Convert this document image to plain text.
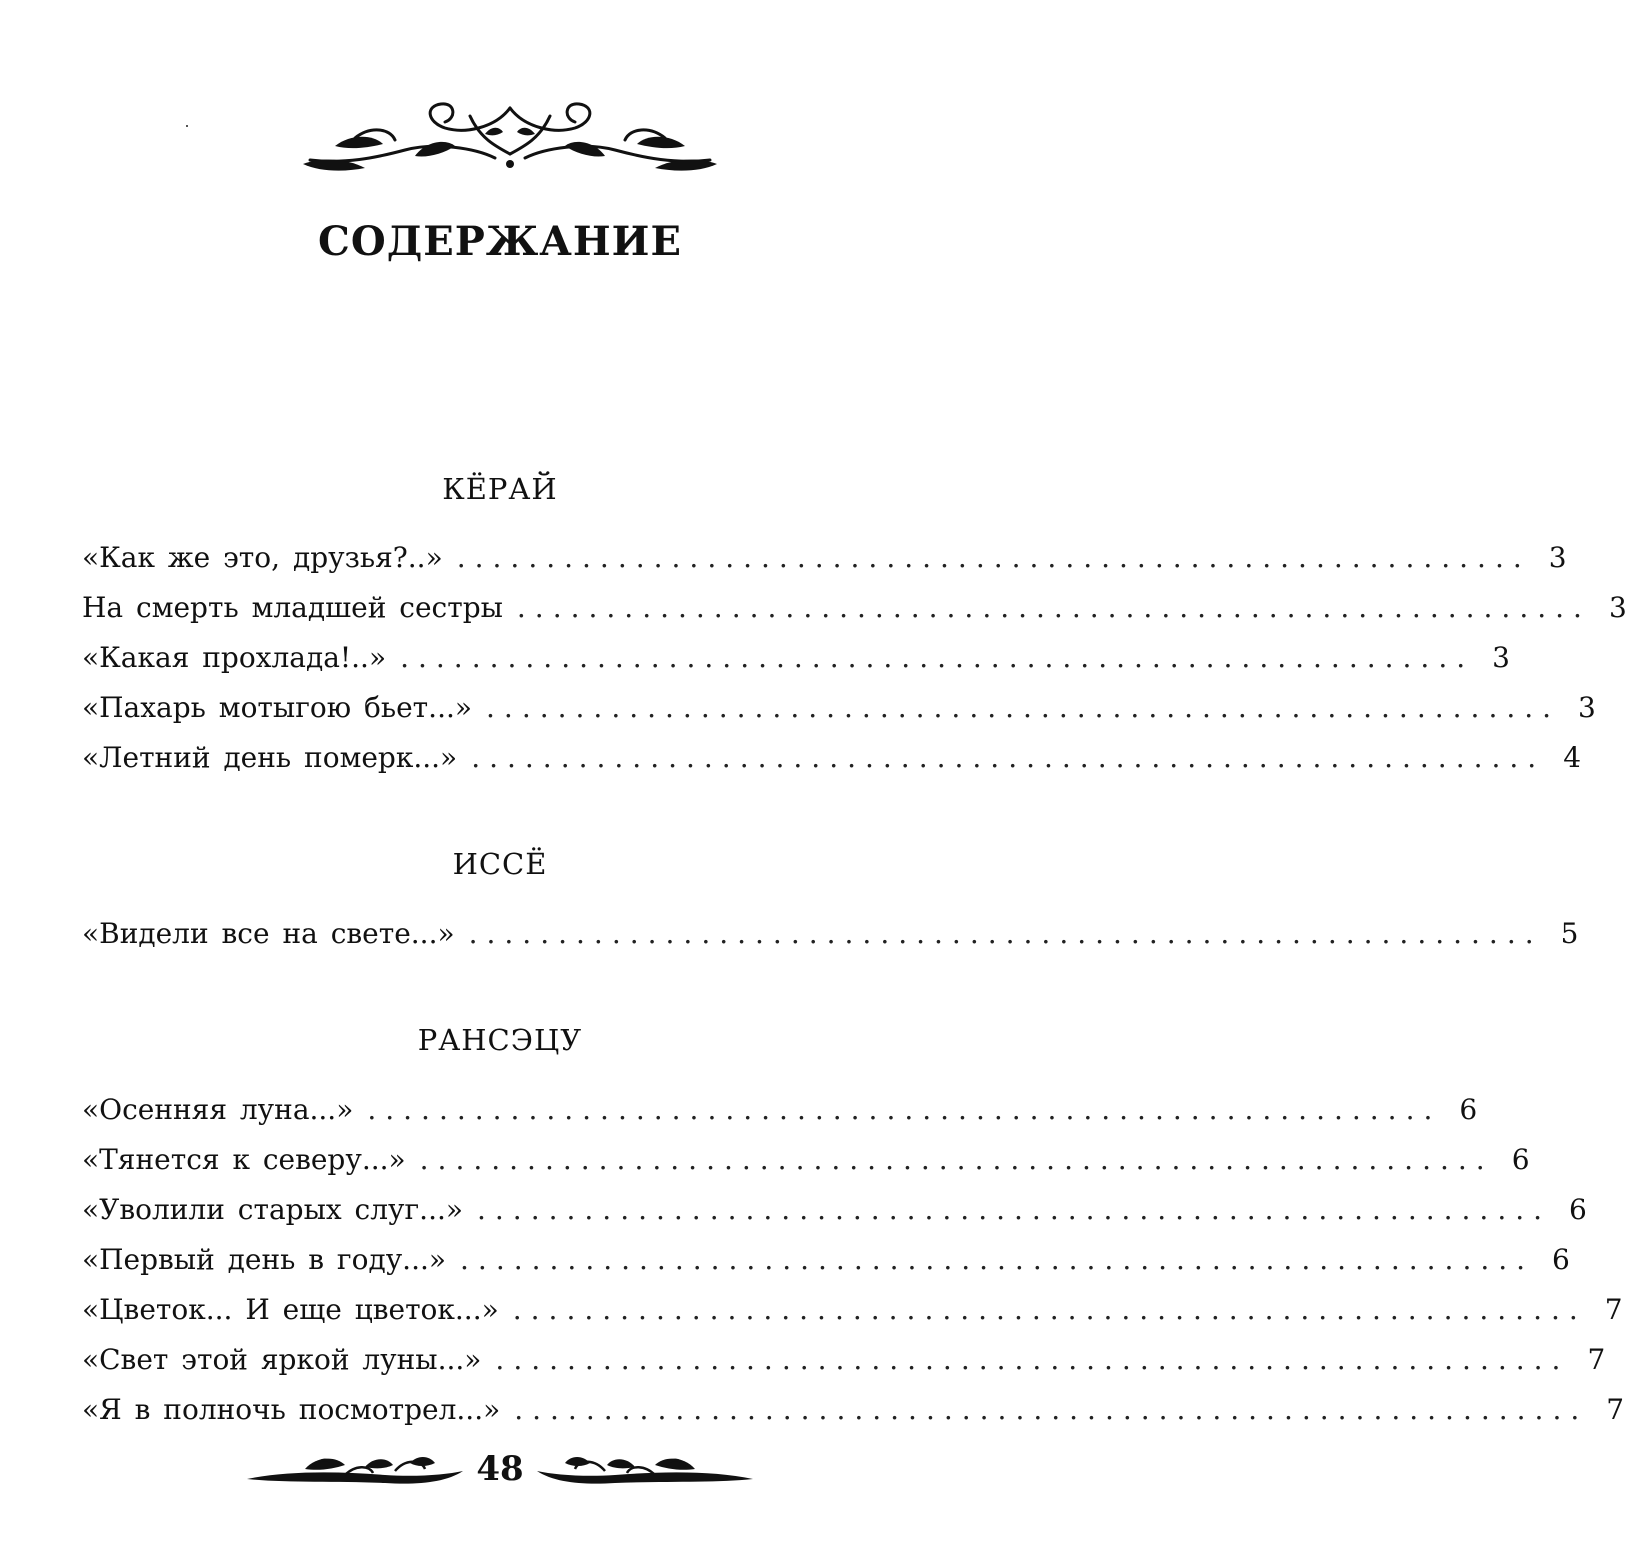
СОДЕРЖАНИЕ
КЁРАЙ
«Как же это, друзья?..» ............................................................ 3
На смерть младшей сестры ............................................................ 3
«Какая прохлада!..» ............................................................ 3
«Пахарь мотыгою бьет...» ............................................................ 3
«Летний день померк...» ............................................................ 4
ИССЁ
«Видели все на свете...» ............................................................ 5
РАНСЭЦУ
«Осенняя луна...» ............................................................ 6
«Тянется к северу...» ............................................................ 6
«Уволили старых слуг...» ............................................................ 6
«Первый день в году...» ............................................................ 6
«Цветок... И еще цветок...» ............................................................ 7
«Свет этой яркой луны...» ............................................................ 7
«Я в полночь посмотрел...» ............................................................ 7
48
